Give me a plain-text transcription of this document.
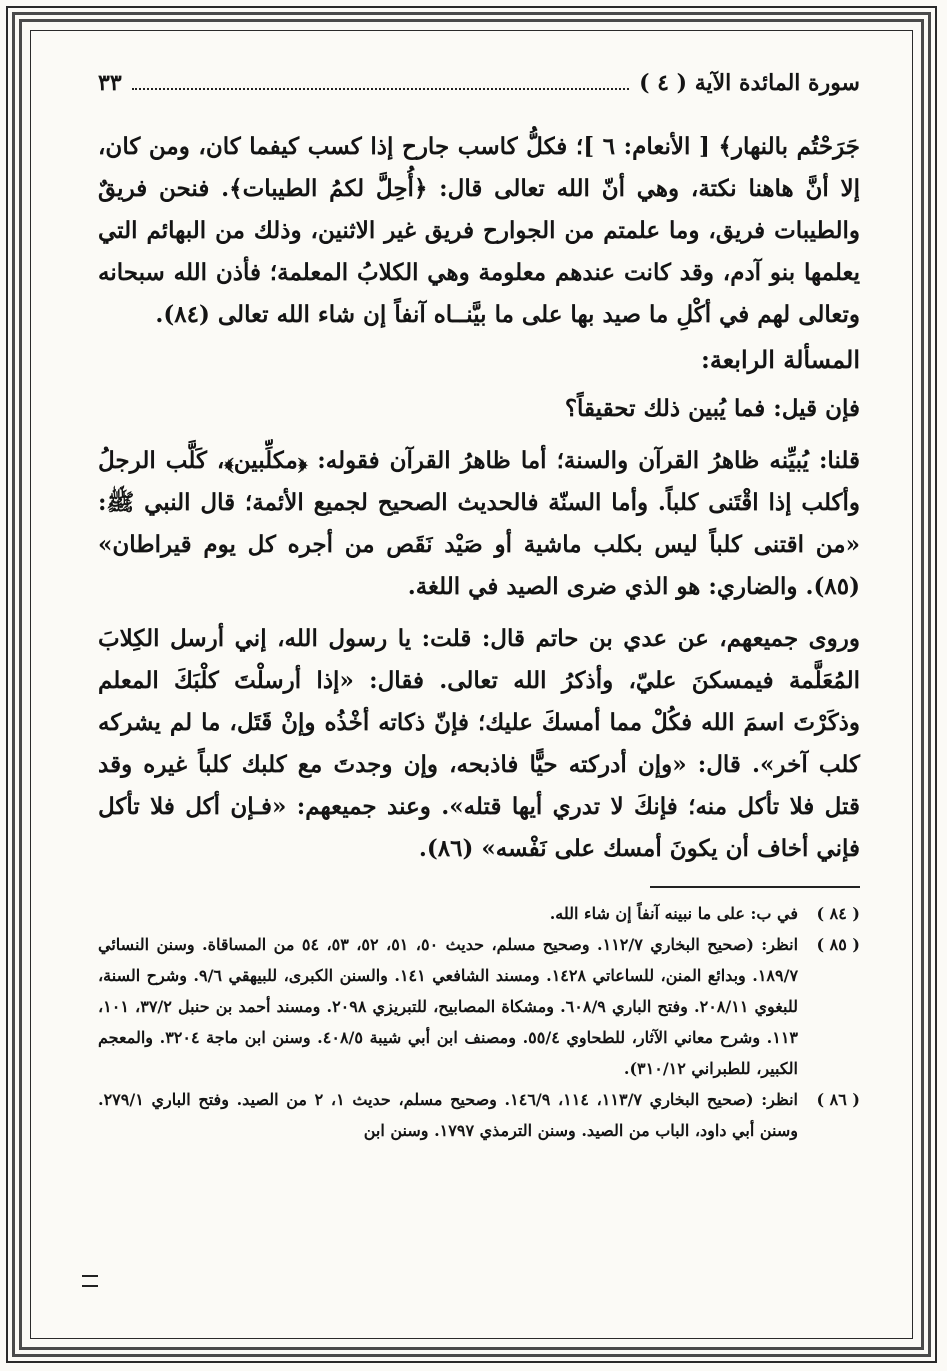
سورة المائدة الآية ( ٤ )
٣٣

جَرَحْتُم بالنهار﴾ [ الأنعام: ٦ ]؛ فكلُّ كاسب جارح إذا كسب كيفما كان، ومن كان، إلا أنَّ هاهنا نكتة، وهي أنّ الله تعالى قال: ﴿أُحِلَّ لكمُ الطيبات﴾. فنحن فريقٌ والطيبات فريق، وما علمتم من الجوارح فريق غير الاثنين، وذلك من البهائم التي يعلمها بنو آدم، وقد كانت عندهم معلومة وهي الكلابُ المعلمة؛ فأذن الله سبحانه وتعالى لهم في أكْلِ ما صيد بها على ما بيَّنــاه آنفاً إن شاء الله تعالى (٨٤).

المسألة الرابعة:

فإن قيل: فما يُبين ذلك تحقيقاً؟

قلنا: يُبيِّنه ظاهرُ القرآن والسنة؛ أما ظاهرُ القرآن فقوله: ﴿مكلِّبين﴾، كَلَّب الرجلُ وأكلب إذا اقْتَنى كلباً. وأما السنّة فالحديث الصحيح لجميع الأئمة؛ قال النبي ﷺ: «من اقتنى كلباً ليس بكلب ماشية أو صَيْد نَقَص من أجره كل يوم قيراطان» (٨٥). والضاري: هو الذي ضرى الصيد في اللغة.

وروى جميعهم، عن عدي بن حاتم قال: قلت: يا رسول الله، إني أرسل الكِلابَ المُعَلَّمة فيمسكنَ عليّ، وأذكرُ الله تعالى. فقال: «إذا أرسلْتَ كلْبَكَ المعلم وذكَرْتَ اسمَ الله فكُلْ مما أمسكَ عليك؛ فإنّ ذكاته أخْذُه وإنْ قَتَل، ما لم يشركه كلب آخر». قال: «وإن أدركته حيًّا فاذبحه، وإن وجدتَ مع كلبك كلباً غيره وقد قتل فلا تأكل منه؛ فإنكَ لا تدري أيها قتله». وعند جميعهم: «فـإن أكل فلا تأكل فإني أخاف أن يكونَ أمسك على نَفْسه» (٨٦).

( ٨٤ )
في ب: على ما نبينه آنفاً إن شاء الله.
( ٨٥ )
انظر: (صحيح البخاري ١١٢/٧. وصحيح مسلم، حديث ٥٠، ٥١، ٥٢، ٥٣، ٥٤ من المساقاة. وسنن النسائي ١٨٩/٧. وبدائع المنن، للساعاتي ١٤٢٨. ومسند الشافعي ١٤١. والسنن الكبرى، للبيهقي ٩/٦. وشرح السنة، للبغوي ٢٠٨/١١. وفتح الباري ٦٠٨/٩. ومشكاة المصابيح، للتبريزي ٢٠٩٨. ومسند أحمد بن حنبل ٣٧/٢، ١٠١، ١١٣. وشرح معاني الآثار، للطحاوي ٥٥/٤. ومصنف ابن أبي شيبة ٤٠٨/٥. وسنن ابن ماجة ٣٢٠٤. والمعجم الكبير، للطبراني ٣١٠/١٢).
( ٨٦ )
انظر: (صحيح البخاري ١١٣/٧، ١١٤، ١٤٦/٩. وصحيح مسلم، حديث ١، ٢ من الصيد. وفتح الباري ٢٧٩/١. وسنن أبي داود، الباب من الصيد. وسنن الترمذي ١٧٩٧. وسنن ابن
